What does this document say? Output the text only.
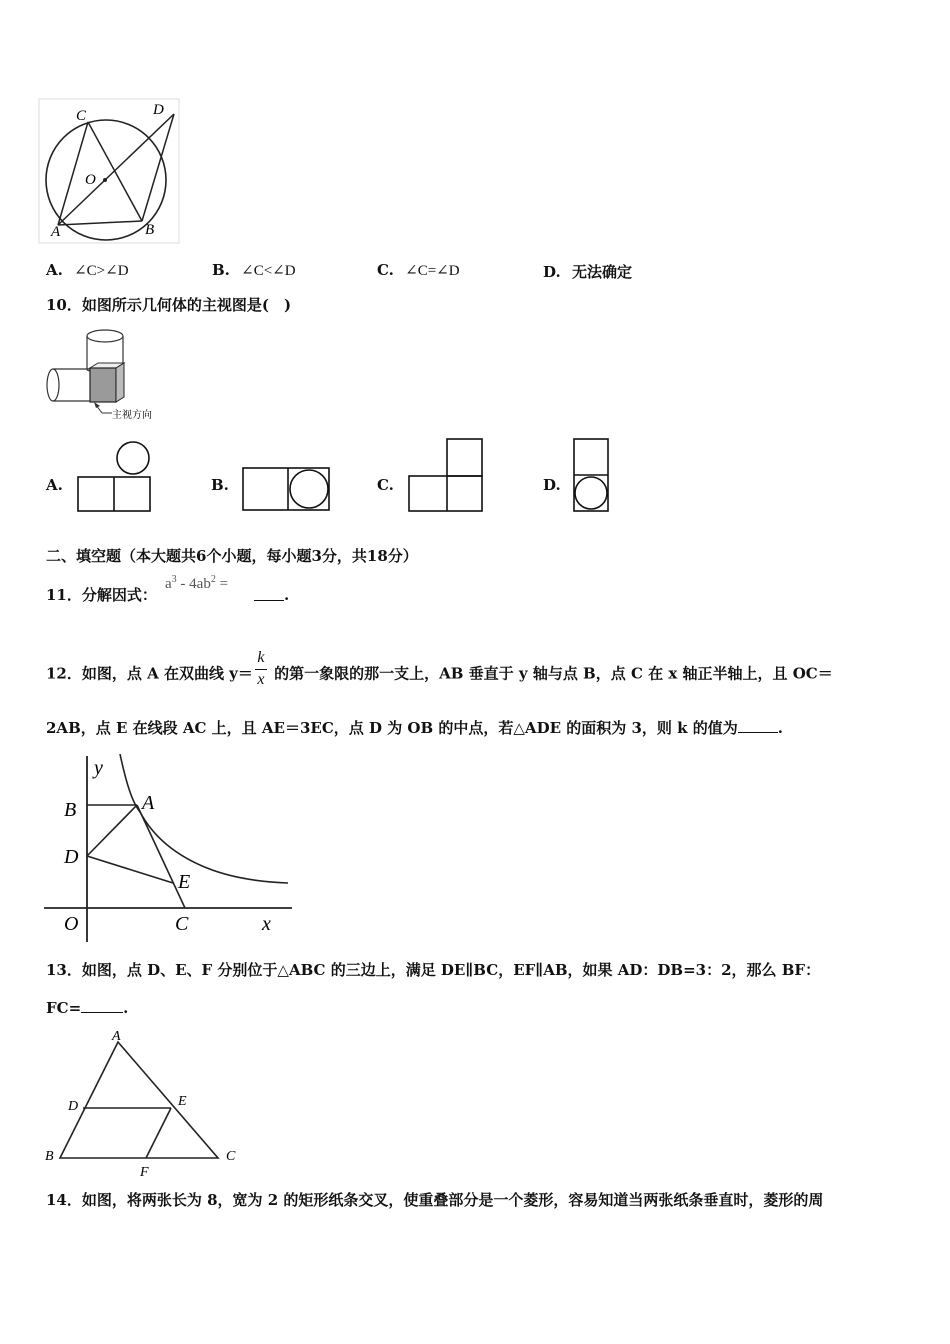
C	D
O
A	B
A. ∠C>∠D	B. ∠C<∠D	C. ∠C=∠D	D. 无法确定
10．如图所示几何体的主视图是(　)
主视方向
A.	B.	C.	D.
二、填空题（本大题共6个小题，每小题3分，共18分）
11．分解因式：
$a^3 - 4ab^2$ =
.
12．如图，点 A 在双曲线 $y= \frac{k}{x}$ 的第一象限的那一支上，AB 垂直于 y 轴与点 B，点 C 在 x 轴正半轴上，且 OC＝
2AB，点 E 在线段 AC 上，且 AE＝3EC，点 D 为 OB 的中点，若△ADE 的面积为 3，则 k 的值为	.
y
B	A
D
E
O	C	x
13．如图，点 D、E、F 分别位于△ABC 的三边上，满足 DE∥BC，EF∥AB，如果 AD：DB=3：2，那么 BF：
FC=	.
A
D	E
B
F
C
14．如图，将两张长为 8，宽为 2 的矩形纸条交叉，使重叠部分是一个菱形，容易知道当两张纸条垂直时，菱形的周
